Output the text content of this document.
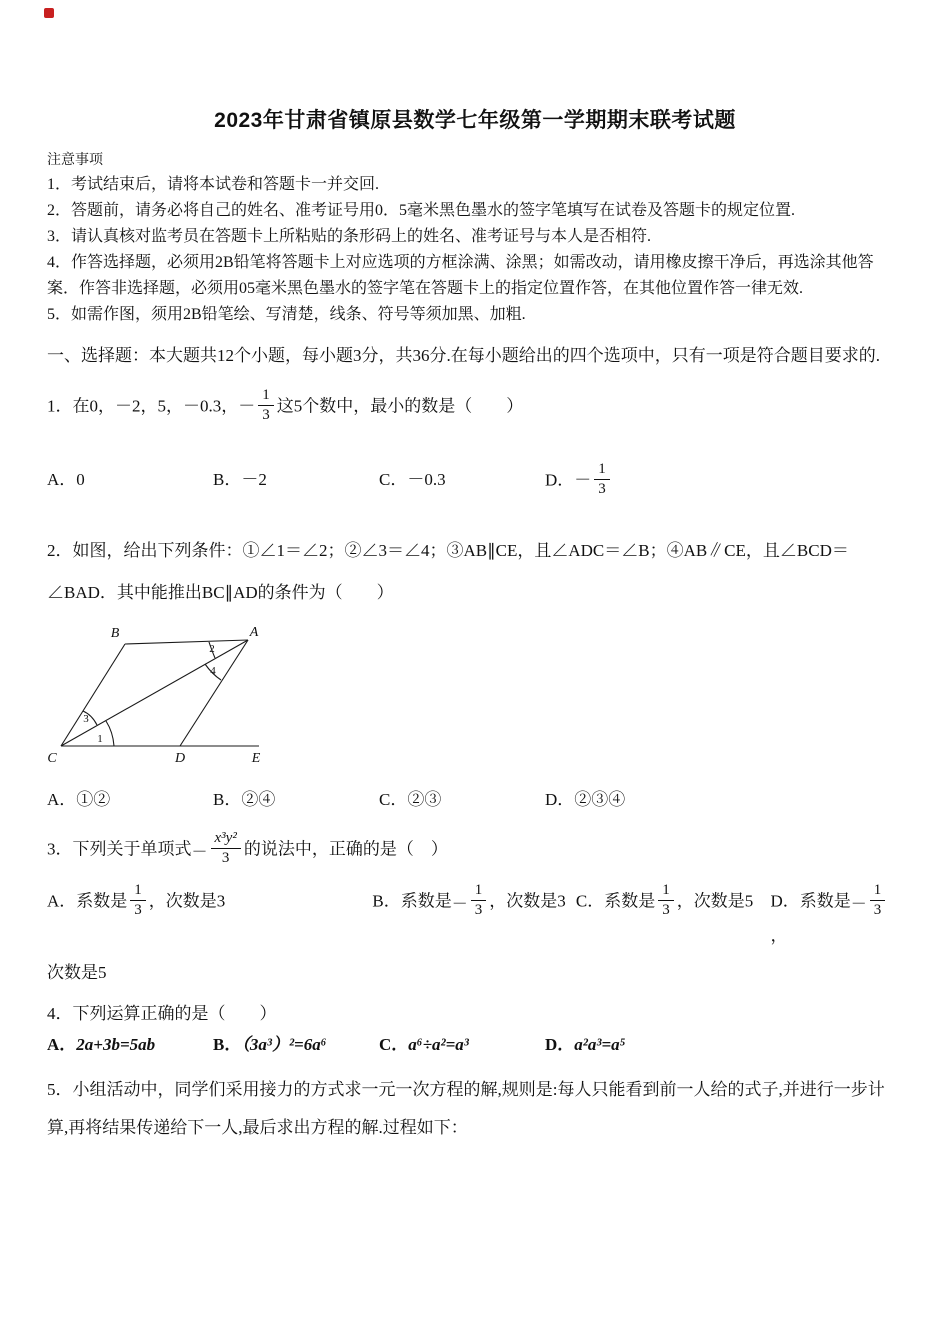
2023年甘肃省镇原县数学七年级第一学期期末联考试题
注意事项

1．考试结束后，请将本试卷和答题卡一并交回.

2．答题前，请务必将自己的姓名、准考证号用0．5毫米黑色墨水的签字笔填写在试卷及答题卡的规定位置.

3．请认真核对监考员在答题卡上所粘贴的条形码上的姓名、准考证号与本人是否相符.

4．作答选择题，必须用2B铅笔将答题卡上对应选项的方框涂满、涂黑；如需改动，请用橡皮擦干净后，再选涂其他答案．作答非选择题，必须用05毫米黑色墨水的签字笔在答题卡上的指定位置作答，在其他位置作答一律无效.

5．如需作图，须用2B铅笔绘、写清楚，线条、符号等须加黑、加粗.

一、选择题：本大题共12个小题，每小题3分，共36分.在每小题给出的四个选项中，只有一项是符合题目要求的.

1．在0，－2，5，－0.3，－ $\frac{1}{3}$ 这5个数中，最小的数是（　　）
A．0	B．－2	C．－0.3	D．－ $\frac{1}{3}$
2．如图，给出下列条件：①∠1＝∠2；②∠3＝∠4；③AB∥CE，且∠ADC＝∠B；④AB∥CE，且∠BCD＝∠BAD．其中能推出BC∥AD的条件为（　　）
B	A
C	D	E
2
4
3
1
A．①②	B．②④	C．②③	D．②③④
3．下列关于单项式 － $\frac{\text{x³y²}}{3}$ 的说法中，正确的是（　）
A．系数是 $\frac{1}{3}$ ，次数是3	B．系数是 － $\frac{1}{3}$ ，次数是3 C．系数是 $\frac{1}{3}$ ，次数是5	D．系数是 － $\frac{1}{3}$
，
次数是5
4．下列运算正确的是（　　）
A．2a+3b=5ab	B．（3a³）²=6a⁶	C．a⁶÷a²=a³	D．a²a³=a⁵
5．小组活动中，同学们采用接力的方式求一元一次方程的解,规则是:每人只能看到前一人给的式子,并进行一步计算,再将结果传递给下一人,最后求出方程的解.过程如下：
